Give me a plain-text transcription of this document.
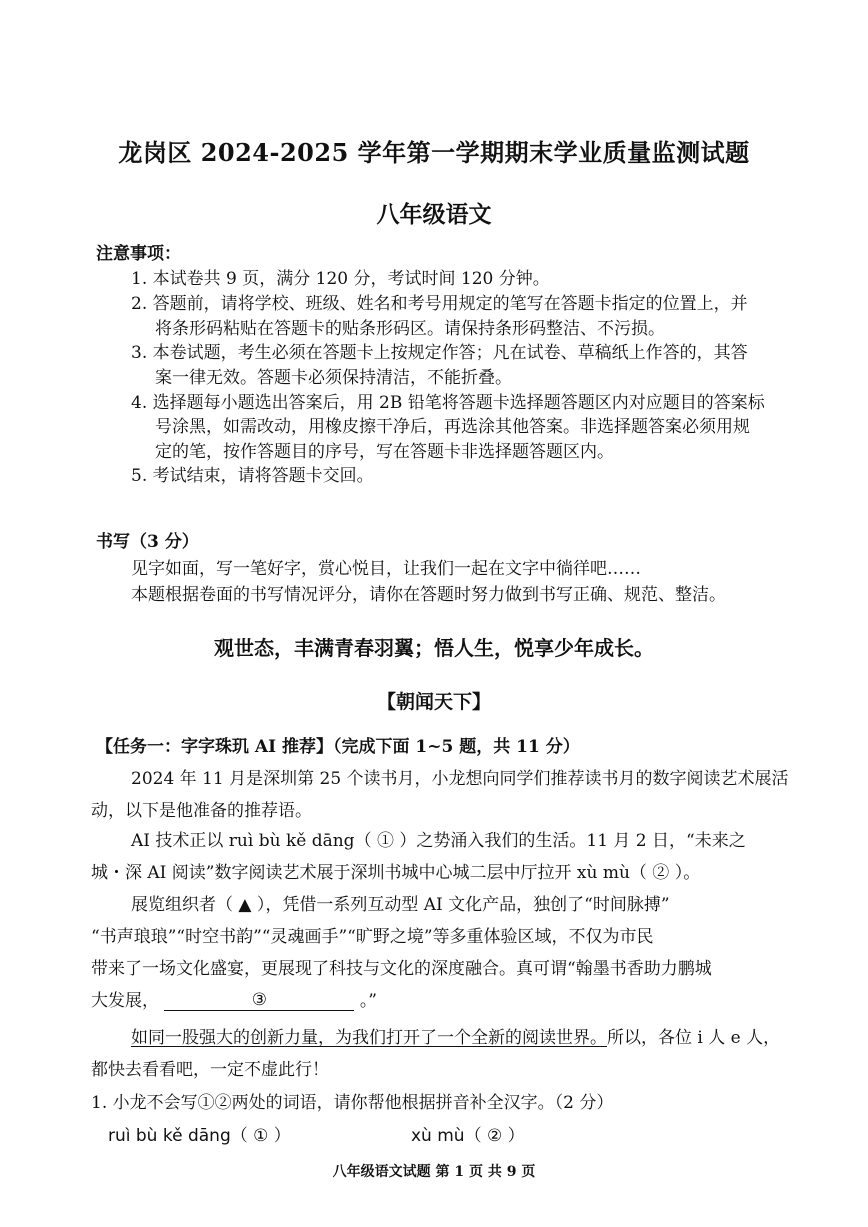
龙岗区 2024-2025 学年第一学期期末学业质量监测试题
八年级语文
注意事项：
1. 本试卷共 9 页，满分 120 分，考试时间 120 分钟。
2. 答题前，请将学校、班级、姓名和考号用规定的笔写在答题卡指定的位置上，并
将条形码粘贴在答题卡的贴条形码区。请保持条形码整洁、不污损。
3. 本卷试题，考生必须在答题卡上按规定作答；凡在试卷、草稿纸上作答的，其答
案一律无效。答题卡必须保持清洁，不能折叠。
4. 选择题每小题选出答案后，用 2B 铅笔将答题卡选择题答题区内对应题目的答案标
号涂黑，如需改动，用橡皮擦干净后，再选涂其他答案。非选择题答案必须用规
定的笔，按作答题目的序号，写在答题卡非选择题答题区内。
5. 考试结束，请将答题卡交回。
书写（3 分）
见字如面，写一笔好字，赏心悦目，让我们一起在文字中徜徉吧……
本题根据卷面的书写情况评分，请你在答题时努力做到书写正确、规范、整洁。
观世态，丰满青春羽翼；悟人生，悦享少年成长。
【朝闻天下】
【任务一：字字珠玑 AI 推荐】（完成下面 1~5 题，共 11 分）
2024 年 11 月是深圳第 25 个读书月，小龙想向同学们推荐读书月的数字阅读艺术展活
动，以下是他准备的推荐语。
AI 技术正以 ruì bù kě dāng（ ① ）之势涌入我们的生活。11 月 2 日，“未来之
城・深 AI 阅读”数字阅读艺术展于深圳书城中心城二层中厅拉开 xù mù（ ② ）。
展览组织者（ ▲ ），凭借一系列互动型 AI 文化产品，独创了“时间脉搏”
“书声琅琅”“时空书韵”“灵魂画手”“旷野之境”等多重体验区域，不仅为市民
带来了一场文化盛宴，更展现了科技与文化的深度融合。真可谓“翰墨书香助力鹏城
大发展，	③	。”
如同一股强大的创新力量，为我们打开了一个全新的阅读世界。所以，各位 i 人 e 人，
都快去看看吧，一定不虚此行！
1. 小龙不会写①②两处的词语，请你帮他根据拼音补全汉字。（2 分）
ruì bù kě dāng（ ① ）	xù mù（ ② ）
八年级语文试题 第 1 页 共 9 页
